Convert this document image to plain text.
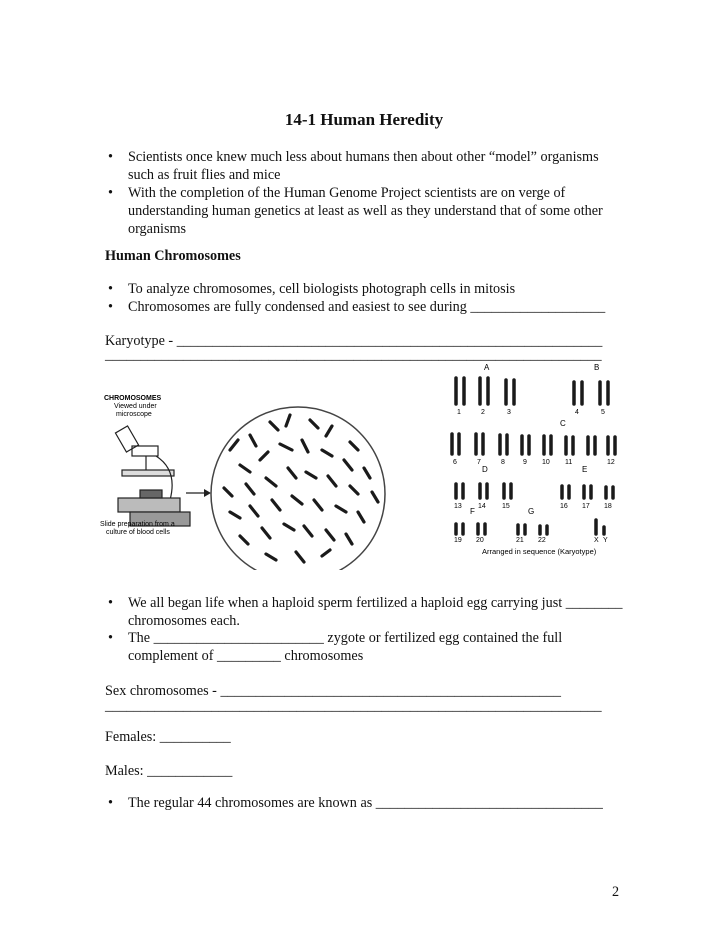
14-1 Human Heredity
• Scientists once knew much less about humans then about other “model” organisms such as fruit flies and mice
• With the completion of the Human Genome Project scientists are on verge of understanding human genetics at least as well as they understand that of some other organisms
Human Chromosomes
• To analyze chromosomes, cell biologists photograph cells in mitosis
• Chromosomes are fully condensed and easiest to see during ___________________
Karyotype - ____________________________________________________________
______________________________________________________________________
CHROMOSOMES
Viewed under
microscope
Slide preparation from a
culture of blood cells
A	B
C
D	E
F	G
1	2	3	4	5
6	7	8	9 10 11	12
13 14 15	16 17 18
19 20	21 22	X Y
Arranged in sequence (Karyotype)
• We all began life when a haploid sperm fertilized a haploid egg carrying just ________ chromosomes each.
• The ________________________ zygote or fertilized egg contained the full complement of _________ chromosomes
Sex chromosomes - ________________________________________________
______________________________________________________________________
Females: __________
Males: ____________
• The regular 44 chromosomes are known as ________________________________
2
